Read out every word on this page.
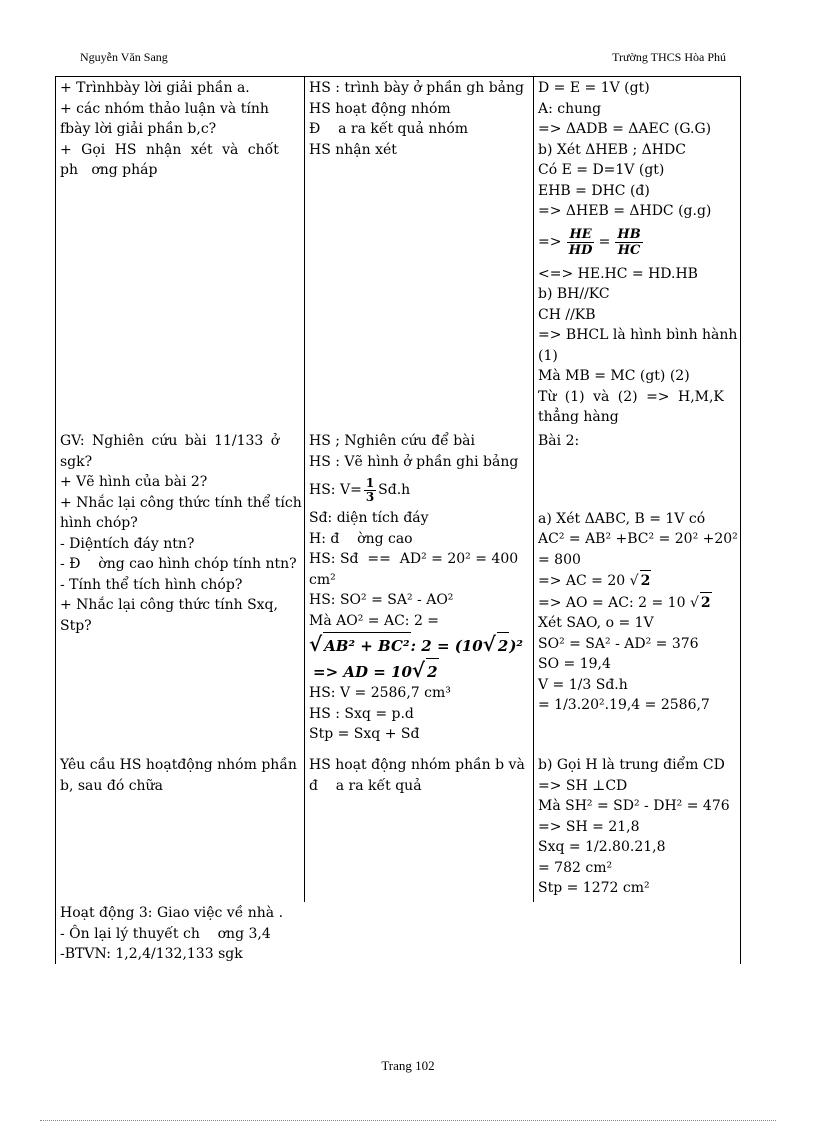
Nguyễn Văn Sang	Trường THCS Hòa Phú
+ Trìnhbày lời giải phần a.
+ các nhóm thảo luận và tính
fbày lời giải phần b,c?
+ Gọi HS nhận xét và chốt
ph   ơng pháp
HS : trình bày ở phần gh bảng
HS hoạt động nhóm
Đ    a ra kết quả nhóm
HS nhận xét
D = E = 1V (gt)
A: chung
=> ΔADB = ΔAEC (G.G)
b) Xét ΔHEB ; ΔHDC
Có E = D=1V (gt)
EHB = DHC (đ)
=> ΔHEB = ΔHDC (g.g)
=> $\frac{HE}{HD} = \frac{HB}{HC}$
<=> HE.HC = HD.HB
b) BH//KC
CH //KB
=> BHCL là hình bình hành
(1)
Mà MB = MC (gt) (2)
Từ (1) và (2) => H,M,K
thẳng hàng
GV: Nghiên cứu bài 11/133 ở
sgk?
+ Vẽ hình của bài 2?
+ Nhắc lại công thức tính thể tích
hình chóp?
- Diệntích đáy ntn?
- Đ    ờng cao hình chóp tính ntn?
- Tính thể tích hình chóp?
+ Nhắc lại công thức tính Sxq,
Stp?
HS ; Nghiên cứu để bài
HS : Vẽ hình ở phần ghi bảng
HS: $V= \frac{1}{3}$ Sđ.h
Sđ: diện tích đáy
H: đ    ờng cao
HS: Sđ  ==  AD² = 20² = 400
cm²
HS: SO² = SA² - AO²
Mà AO² = AC: 2 =
√ AB² + BC²: 2 = (10√ 2)²
=> AD = 10√ 2
HS: V = 2586,7 cm³
HS : Sxq = p.d
Stp = Sxq + Sđ
Bài 2:
a) Xét ΔABC, B = 1V có
AC² = AB² +BC² = 20² +20²
= 800
=> AC = 20 √ 2
=> AO = AC: 2 = 10 √ 2
Xét SAO, o = 1V
SO² = SA² - AD² = 376
SO = 19,4
V = 1/3 Sđ.h
= 1/3.20².19,4 = 2586,7
Yêu cầu HS hoạtđộng nhóm phần
b, sau đó chữa
HS hoạt động nhóm phần b và
đ    a ra kết quả
b) Gọi H là trung điểm CD
=> SH ⊥CD
Mà SH² = SD² - DH² = 476
=> SH = 21,8
Sxq = 1/2.80.21,8
= 782 cm²
Stp = 1272 cm²
Hoạt động 3: Giao việc về nhà .
- Ôn lại lý thuyết ch    ơng 3,4
-BTVN: 1,2,4/132,133 sgk
Trang 102
